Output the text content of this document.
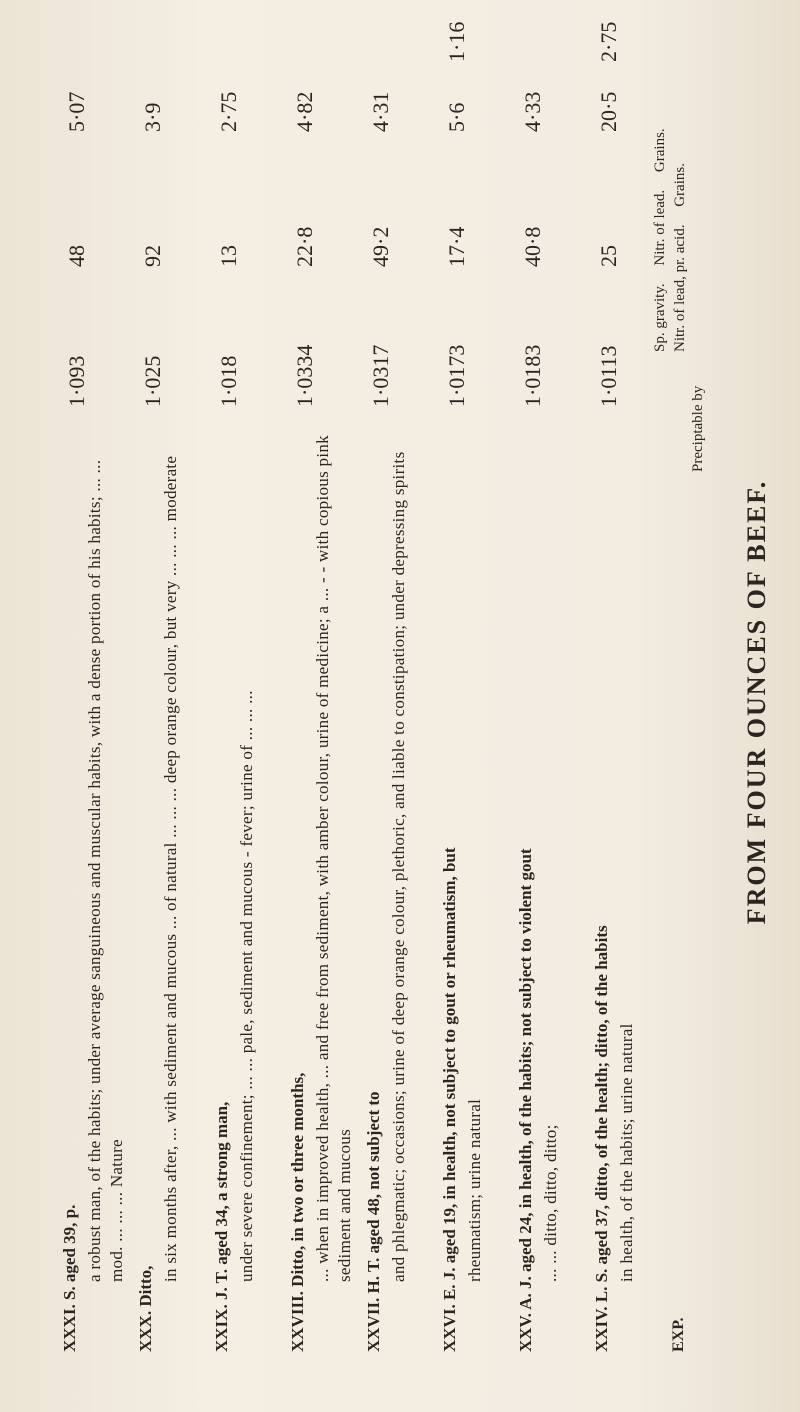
FROM FOUR OUNCES OF BEEF.
XXXI. S. aged 39, p. a robust man, of the habits; under average sanguineous and muscular habits, with a dense portion of his habits; ... ... mod. ... ... ... Nature
1·093
48
5·07
XXX. Ditto,
in six months after, ... with sediment and mucous ... of natural ... ... ... deep orange colour, but very ... ... ... moderate
1·025
92
3·9
XXIX. J. T. aged 34, a strong man, under severe confinement; ... ... pale, sediment and mucous - fever; urine of ... ... ...
1·018
13
2·75
XXVIII. Ditto, in two or three months, ... when in improved health, ... and free from sediment, with amber colour, urine of medicine; a ... - - with copious pink sediment and mucous
1·0334
22·8
4·82
XXVII. H. T. aged 48, not subject to and phlegmatic; occasions; urine of deep orange colour, plethoric, and liable to constipation; under depressing spirits
1·0317
49·2
4·31
XXVI. E. J. aged 19, in health, not subject to gout or rheumatism, but rheumatism; urine natural
1·0173
17·4
5·6
1·16
XXV. A. J. aged 24, in health, of the habits; not subject to violent gout ... ... ditto, ditto, ditto;
1·0183
40·8
4·33
XXIV. L. S. aged 37, ditto, of the health; ditto, of the habits in health, of the habits; urine natural
1·0113
25
20·5
2·75
EXP.
Preciptable by
Sp. gravity. Nitr. of lead. Grains. Nitr. of lead, pr. acid. Grains.
